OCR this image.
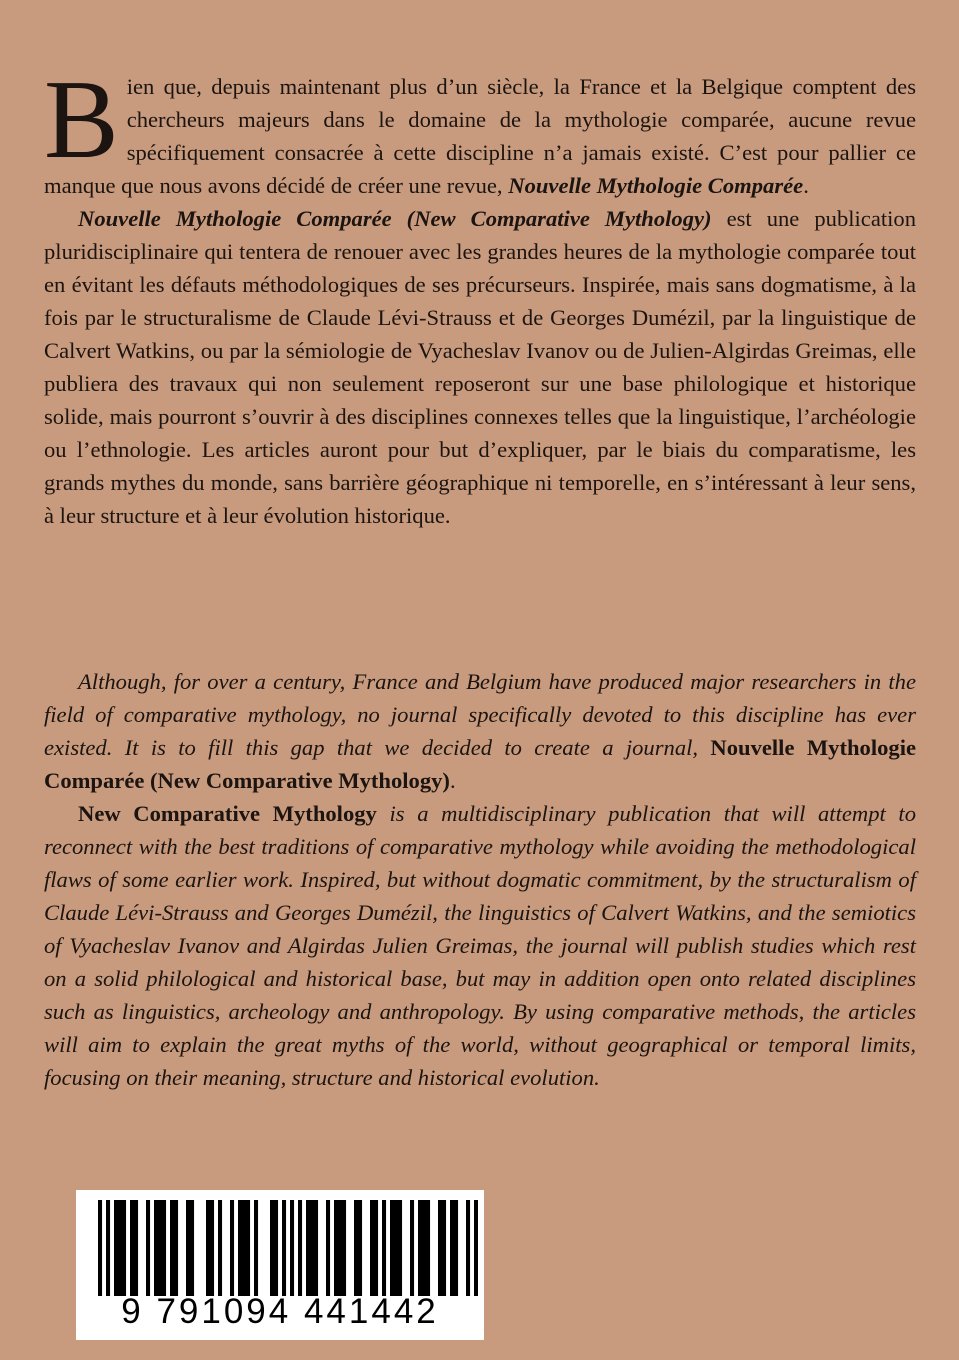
Bien que, depuis maintenant plus d’un siècle, la France et la Belgique comptent des chercheurs majeurs dans le domaine de la mythologie comparée, aucune revue spécifiquement consacrée à cette discipline n’a jamais existé. C’est pour pallier ce manque que nous avons décidé de créer une revue, Nouvelle Mythologie Comparée.

Nouvelle Mythologie Comparée (New Comparative Mythology) est une publication pluridisciplinaire qui tentera de renouer avec les grandes heures de la mythologie comparée tout en évitant les défauts méthodologiques de ses précurseurs. Inspirée, mais sans dogmatisme, à la fois par le structuralisme de Claude Lévi-Strauss et de Georges Dumézil, par la linguistique de Calvert Watkins, ou par la sémiologie de Vyacheslav Ivanov ou de Julien-Algirdas Greimas, elle publiera des travaux qui non seulement reposeront sur une base philologique et historique solide, mais pourront s’ouvrir à des disciplines connexes telles que la linguistique, l’archéologie ou l’ethnologie. Les articles auront pour but d’expliquer, par le biais du comparatisme, les grands mythes du monde, sans barrière géographique ni temporelle, en s’intéressant à leur sens, à leur structure et à leur évolution historique.

Although, for over a century, France and Belgium have produced major researchers in the field of comparative mythology, no journal specifically devoted to this discipline has ever existed. It is to fill this gap that we decided to create a journal, Nouvelle Mythologie Comparée (New Comparative Mythology).

New Comparative Mythology is a multidisciplinary publication that will attempt to reconnect with the best traditions of comparative mythology while avoiding the methodological flaws of some earlier work. Inspired, but without dogmatic commitment, by the structuralism of Claude Lévi-Strauss and Georges Dumézil, the linguistics of Calvert Watkins, and the semiotics of Vyacheslav Ivanov and Algirdas Julien Greimas, the journal will publish studies which rest on a solid philological and historical base, but may in addition open onto related disciplines such as linguistics, archeology and anthropology. By using comparative methods, the articles will aim to explain the great myths of the world, without geographical or temporal limits, focusing on their meaning, structure and historical evolution.

9 791094 441442
